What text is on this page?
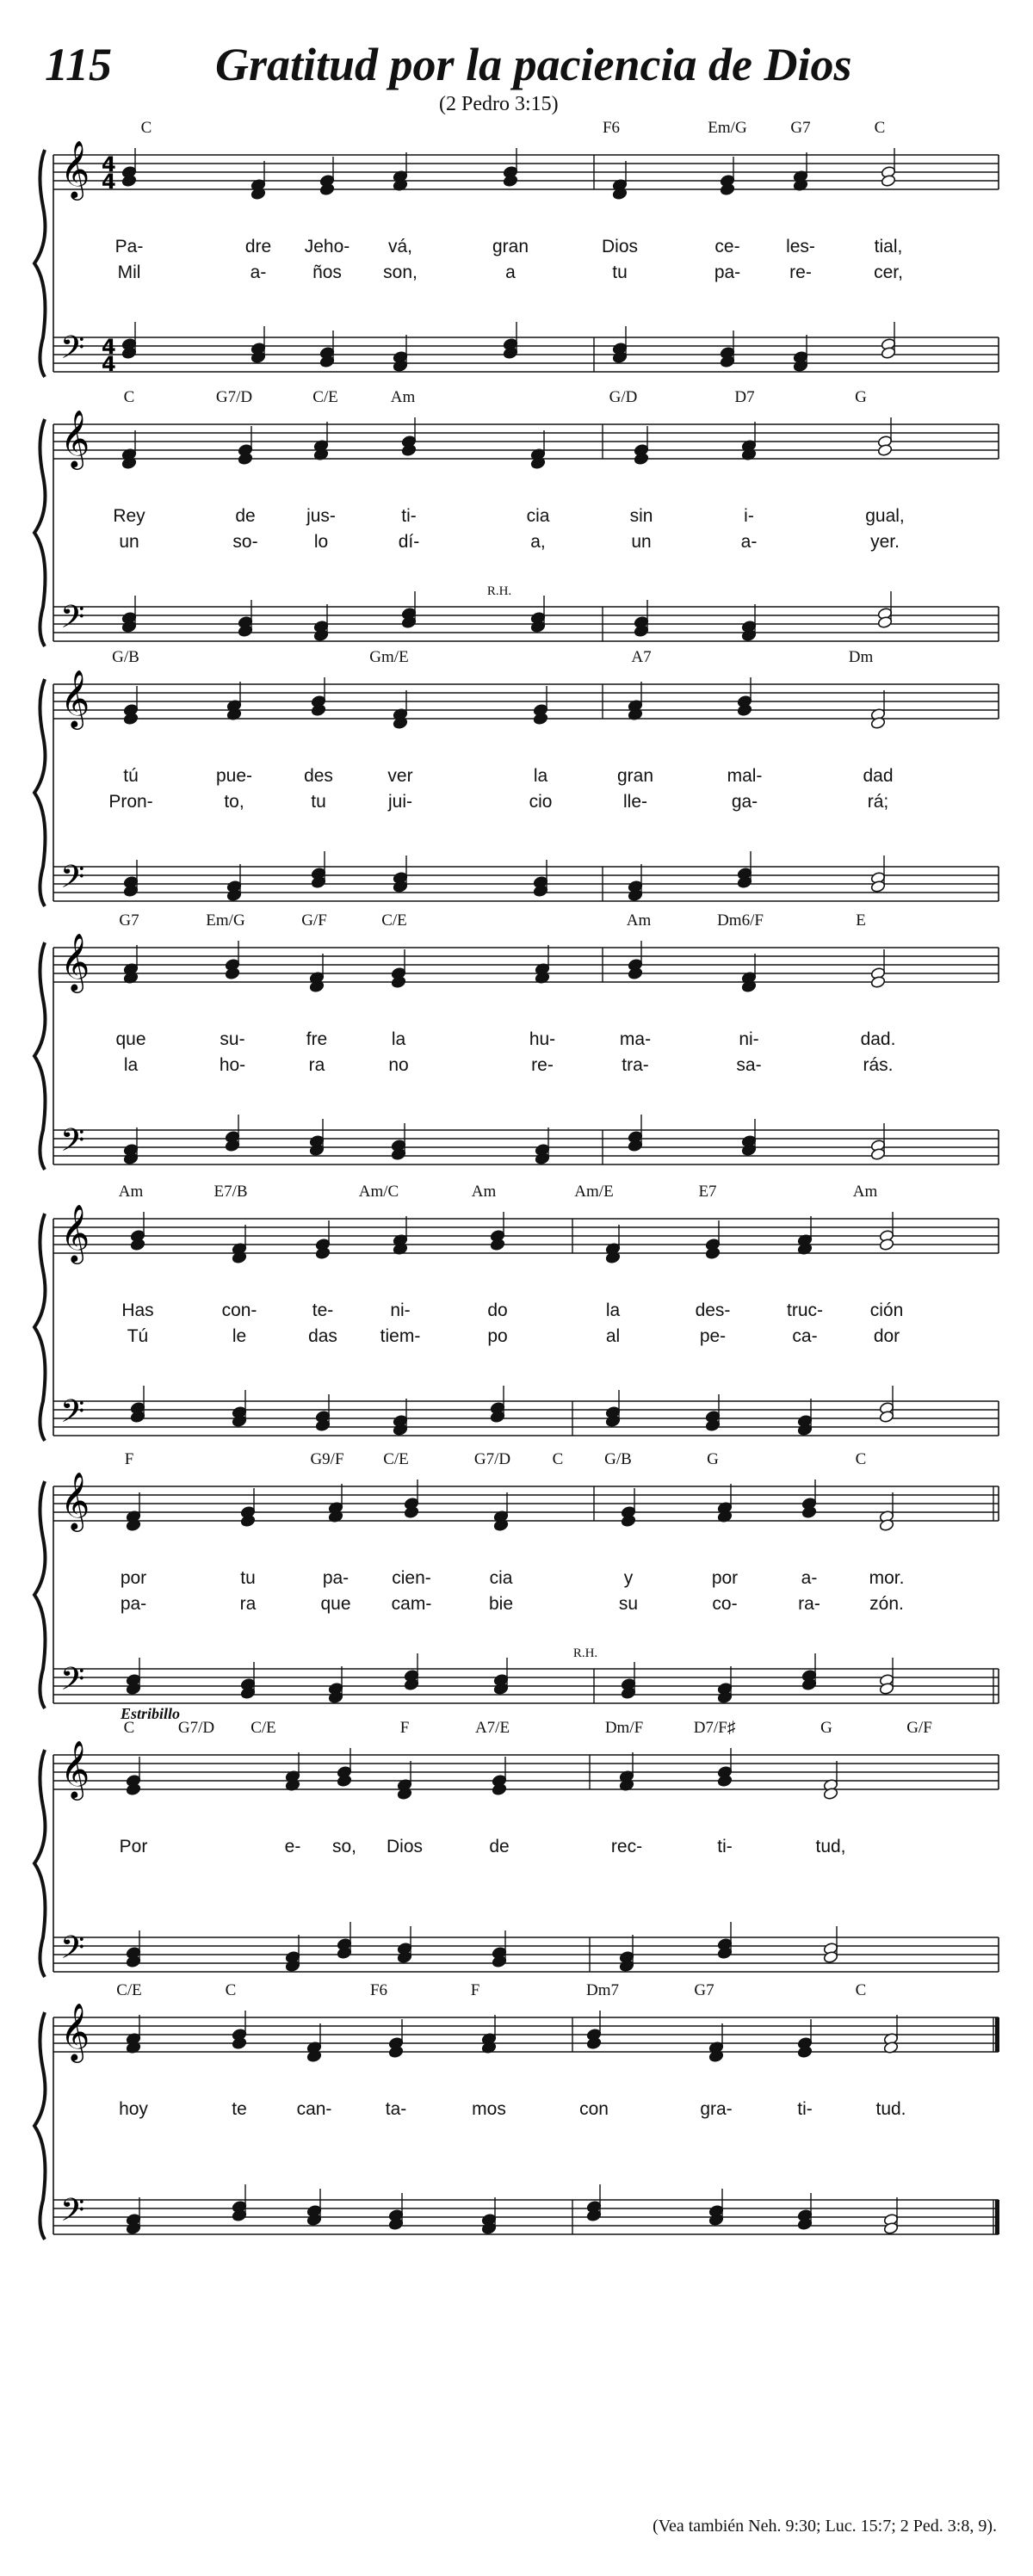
115 Gratitud por la paciencia de Dios
(2 Pedro 3:15)
𝄞
𝄢
4
4
4
4
C	F6	Em/G	G7	C
Pa-	dre Jeho- vá,	gran	Dios	ce-	les-	tial,
Mil	a-	ños son,	a	tu	pa-	re-	cer,
𝄞
𝄢
C	G7/D	C/E	Am	G/D	D7	G
Rey	de	jus-	ti-	cia	sin	i-	gual,
un	so-	lo	dí-	a,	un	a-	yer.
R.H.
𝄞
𝄢
G/B	Gm/E	A7	Dm
tú	pue-	des	ver	la	gran	mal-	dad
Pron-	to,	tu	jui-	cio	lle-	ga-	rá;
𝄞
𝄢
G7	Em/G	G/F	C/E	Am	Dm6/F	E
que	su-	fre	la	hu-	ma-	ni-	dad.
la	ho-	ra	no	re-	tra-	sa-	rás.
𝄞
𝄢
Am	E7/B	Am/C	Am	Am/E	E7	Am
Has	con-	te-	ni-	do	la	des-	truc-	ción
Tú	le	das tiem-	po	al	pe-	ca-	dor
𝄞
𝄢
F	G9/F C/E	G7/D	C	G/B	G	C
por	tu	pa- cien-	cia	y	por	a-	mor.
pa-	ra	que cam-	bie	su	co-	ra-	zón.
R.H.
𝄞
𝄢
Estribillo
C	G7/D C/E	F	A7/E	Dm/F	D7/F♯	G	G/F
Por	e- so, Dios	de	rec-	ti-	tud,
𝄞
𝄢
C/E	C	F6	F	Dm7	G7	C
hoy	te	can-	ta-	mos	con	gra-	ti-	tud.
(Vea también Neh. 9:30; Luc. 15:7; 2 Ped. 3:8, 9).
